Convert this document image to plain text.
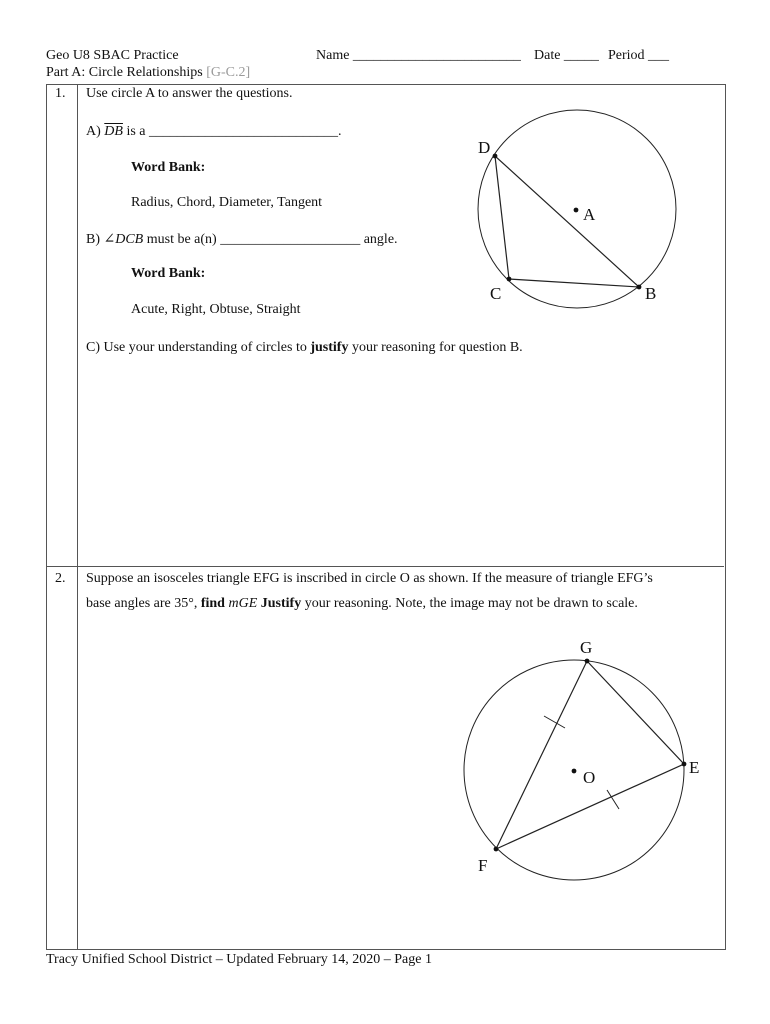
Geo U8 SBAC Practice	Name ________________________ Date _____ Period ___
Part A: Circle Relationships [G-C.2]
1. Use circle A to answer the questions.
A) $\overline{DB}$ is a ___________________________.
Word Bank:
Radius, Chord, Diameter, Tangent
B) ∠DCB must be a(n) ____________________ angle.
Word Bank:
Acute, Right, Obtuse, Straight
C) Use your understanding of circles to justify your reasoning for question B.
D
A
C	B
2. Suppose an isosceles triangle EFG is inscribed in circle O as shown. If the measure of triangle EFG’s
base angles are 35°, find mGE Justify your reasoning. Note, the image may not be drawn to scale.
G
O
E
F
Tracy Unified School District – Updated February 14, 2020 – Page 1
